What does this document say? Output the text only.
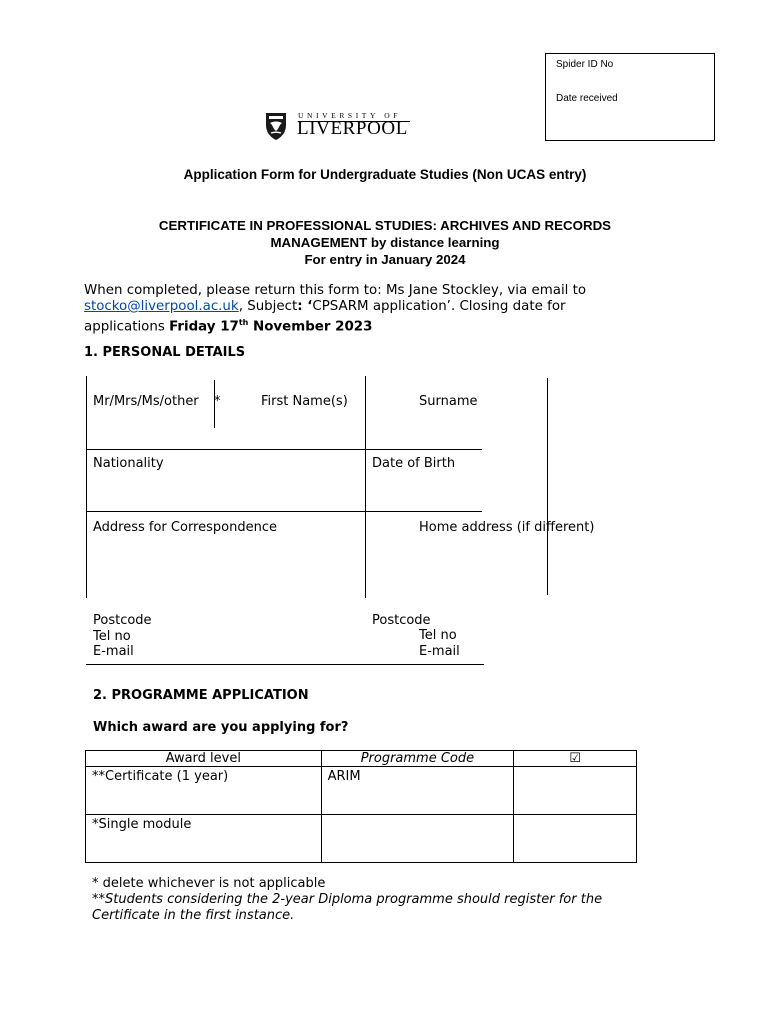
Spider ID No
Date received
UNIVERSITY OF
LIVERPOOL
Application Form for Undergraduate Studies (Non UCAS entry)
CERTIFICATE IN PROFESSIONAL STUDIES: ARCHIVES AND RECORDS
MANAGEMENT by distance learning
For entry in January 2024
When completed, please return this form to: Ms Jane Stockley, via email to
stocko@liverpool.ac.uk, Subject: ‘CPSARM application’. Closing date for
applications Friday 17th November 2023
1. PERSONAL DETAILS
Mr/Mrs/Ms/other *	First Name(s)	Surname
Nationality	Date of Birth
Address for Correspondence	Home address (if different)
Postcode
Tel no
E-mail
Postcode
Tel no
E-mail
2. PROGRAMME APPLICATION
Which award are you applying for?
Award level	Programme Code	☑
**Certificate (1 year)	ARIM	
*Single module		
* delete whichever is not applicable
**Students considering the 2-year Diploma programme should register for the
Certificate in the first instance.
